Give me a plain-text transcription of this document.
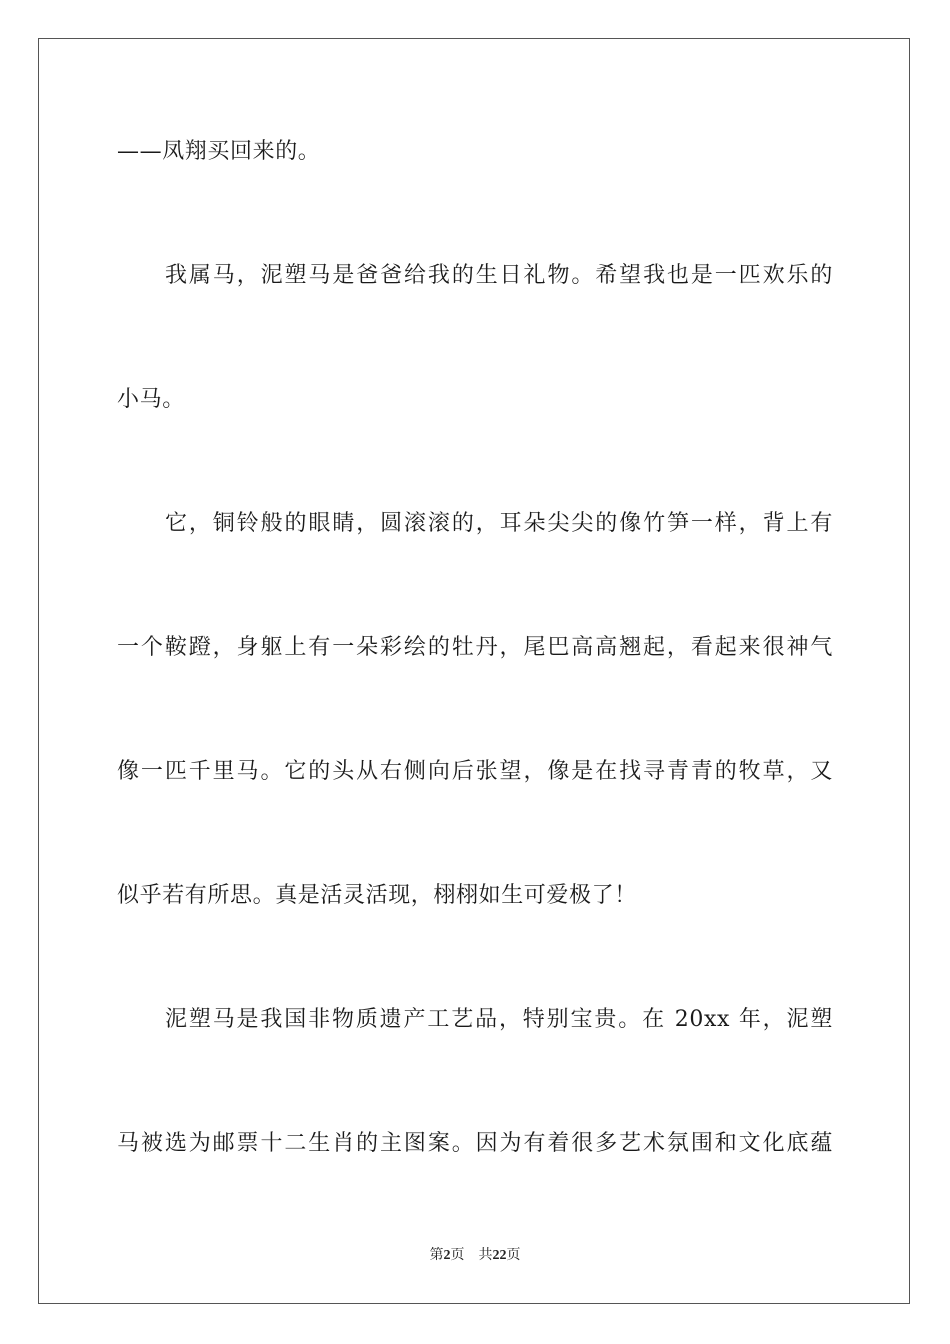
——凤翔买回来的。
我属马，泥塑马是爸爸给我的生日礼物。希望我也是一匹欢乐的
小马。
它，铜铃般的眼睛，圆滚滚的，耳朵尖尖的像竹笋一样，背上有
一个鞍蹬，身躯上有一朵彩绘的牡丹，尾巴高高翘起，看起来很神气
像一匹千里马。它的头从右侧向后张望，像是在找寻青青的牧草，又
似乎若有所思。真是活灵活现，栩栩如生可爱极了！
泥塑马是我国非物质遗产工艺品，特别宝贵。在 20xx 年，泥塑
马被选为邮票十二生肖的主图案。因为有着很多艺术氛围和文化底蕴
第2页 共22页
